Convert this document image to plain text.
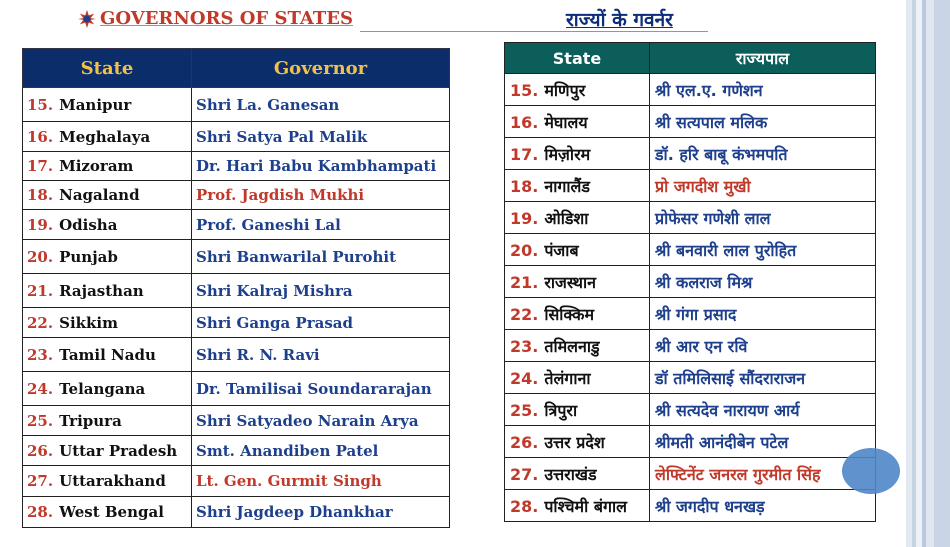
GOVERNORS OF STATES	राज्यों के गवर्नर
State	Governor
15. Manipur	Shri La. Ganesan
16. Meghalaya	Shri Satya Pal Malik
17. Mizoram	Dr. Hari Babu Kambhampati
18. Nagaland	Prof. Jagdish Mukhi
19. Odisha	Prof. Ganeshi Lal
20. Punjab	Shri Banwarilal Purohit
21. Rajasthan	Shri Kalraj Mishra
22. Sikkim	Shri Ganga Prasad
23. Tamil Nadu	Shri R. N. Ravi
24. Telangana	Dr. Tamilisai Soundararajan
25. Tripura	Shri Satyadeo Narain Arya
26. Uttar Pradesh	Smt. Anandiben Patel
27. Uttarakhand	Lt. Gen. Gurmit Singh
28. West Bengal	Shri Jagdeep Dhankhar
State	राज्यपाल
15. मणिपुर	श्री एल.ए. गणेशन
16. मेघालय	श्री सत्यपाल मलिक
17. मिज़ोरम	डॉ. हरि बाबू कंभमपति
18. नागालैंड	प्रो जगदीश मुखी
19. ओडिशा	प्रोफेसर गणेशी लाल
20. पंजाब	श्री बनवारी लाल पुरोहित
21. राजस्थान	श्री कलराज मिश्र
22. सिक्किम	श्री गंगा प्रसाद
23. तमिलनाडु	श्री आर एन रवि
24. तेलंगाना	डॉ तमिलिसाई सौंदराराजन
25. त्रिपुरा	श्री सत्यदेव नारायण आर्य
26. उत्तर प्रदेश	श्रीमती आनंदीबेन पटेल
27. उत्तराखंड	लेफ्टिनेंट जनरल गुरमीत सिंह
28. पश्चिमी बंगाल	श्री जगदीप धनखड़
